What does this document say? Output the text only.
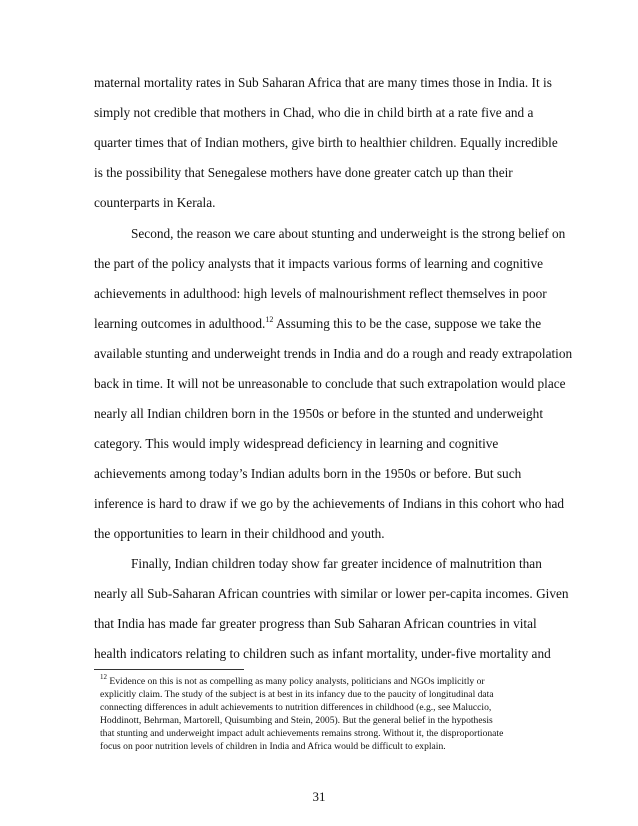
maternal mortality rates in Sub Saharan Africa that are many times those in India. It is
simply not credible that mothers in Chad, who die in child birth at a rate five and a
quarter times that of Indian mothers, give birth to healthier children. Equally incredible
is the possibility that Senegalese mothers have done greater catch up than their
counterparts in Kerala.
Second, the reason we care about stunting and underweight is the strong belief on
the part of the policy analysts that it impacts various forms of learning and cognitive
achievements in adulthood: high levels of malnourishment reflect themselves in poor
learning outcomes in adulthood.$^{12}$ Assuming this to be the case, suppose we take the
available stunting and underweight trends in India and do a rough and ready extrapolation
back in time. It will not be unreasonable to conclude that such extrapolation would place
nearly all Indian children born in the 1950s or before in the stunted and underweight
category. This would imply widespread deficiency in learning and cognitive
achievements among today’s Indian adults born in the 1950s or before. But such
inference is hard to draw if we go by the achievements of Indians in this cohort who had
the opportunities to learn in their childhood and youth.
Finally, Indian children today show far greater incidence of malnutrition than
nearly all Sub-Saharan African countries with similar or lower per-capita incomes. Given
that India has made far greater progress than Sub Saharan African countries in vital
health indicators relating to children such as infant mortality, under-five mortality and
$^{12}$ Evidence on this is not as compelling as many policy analysts, politicians and NGOs implicitly or
explicitly claim. The study of the subject is at best in its infancy due to the paucity of longitudinal data
connecting differences in adult achievements to nutrition differences in childhood (e.g., see Maluccio,
Hoddinott, Behrman, Martorell, Quisumbing and Stein, 2005). But the general belief in the hypothesis
that stunting and underweight impact adult achievements remains strong. Without it, the disproportionate
focus on poor nutrition levels of children in India and Africa would be difficult to explain.
31
